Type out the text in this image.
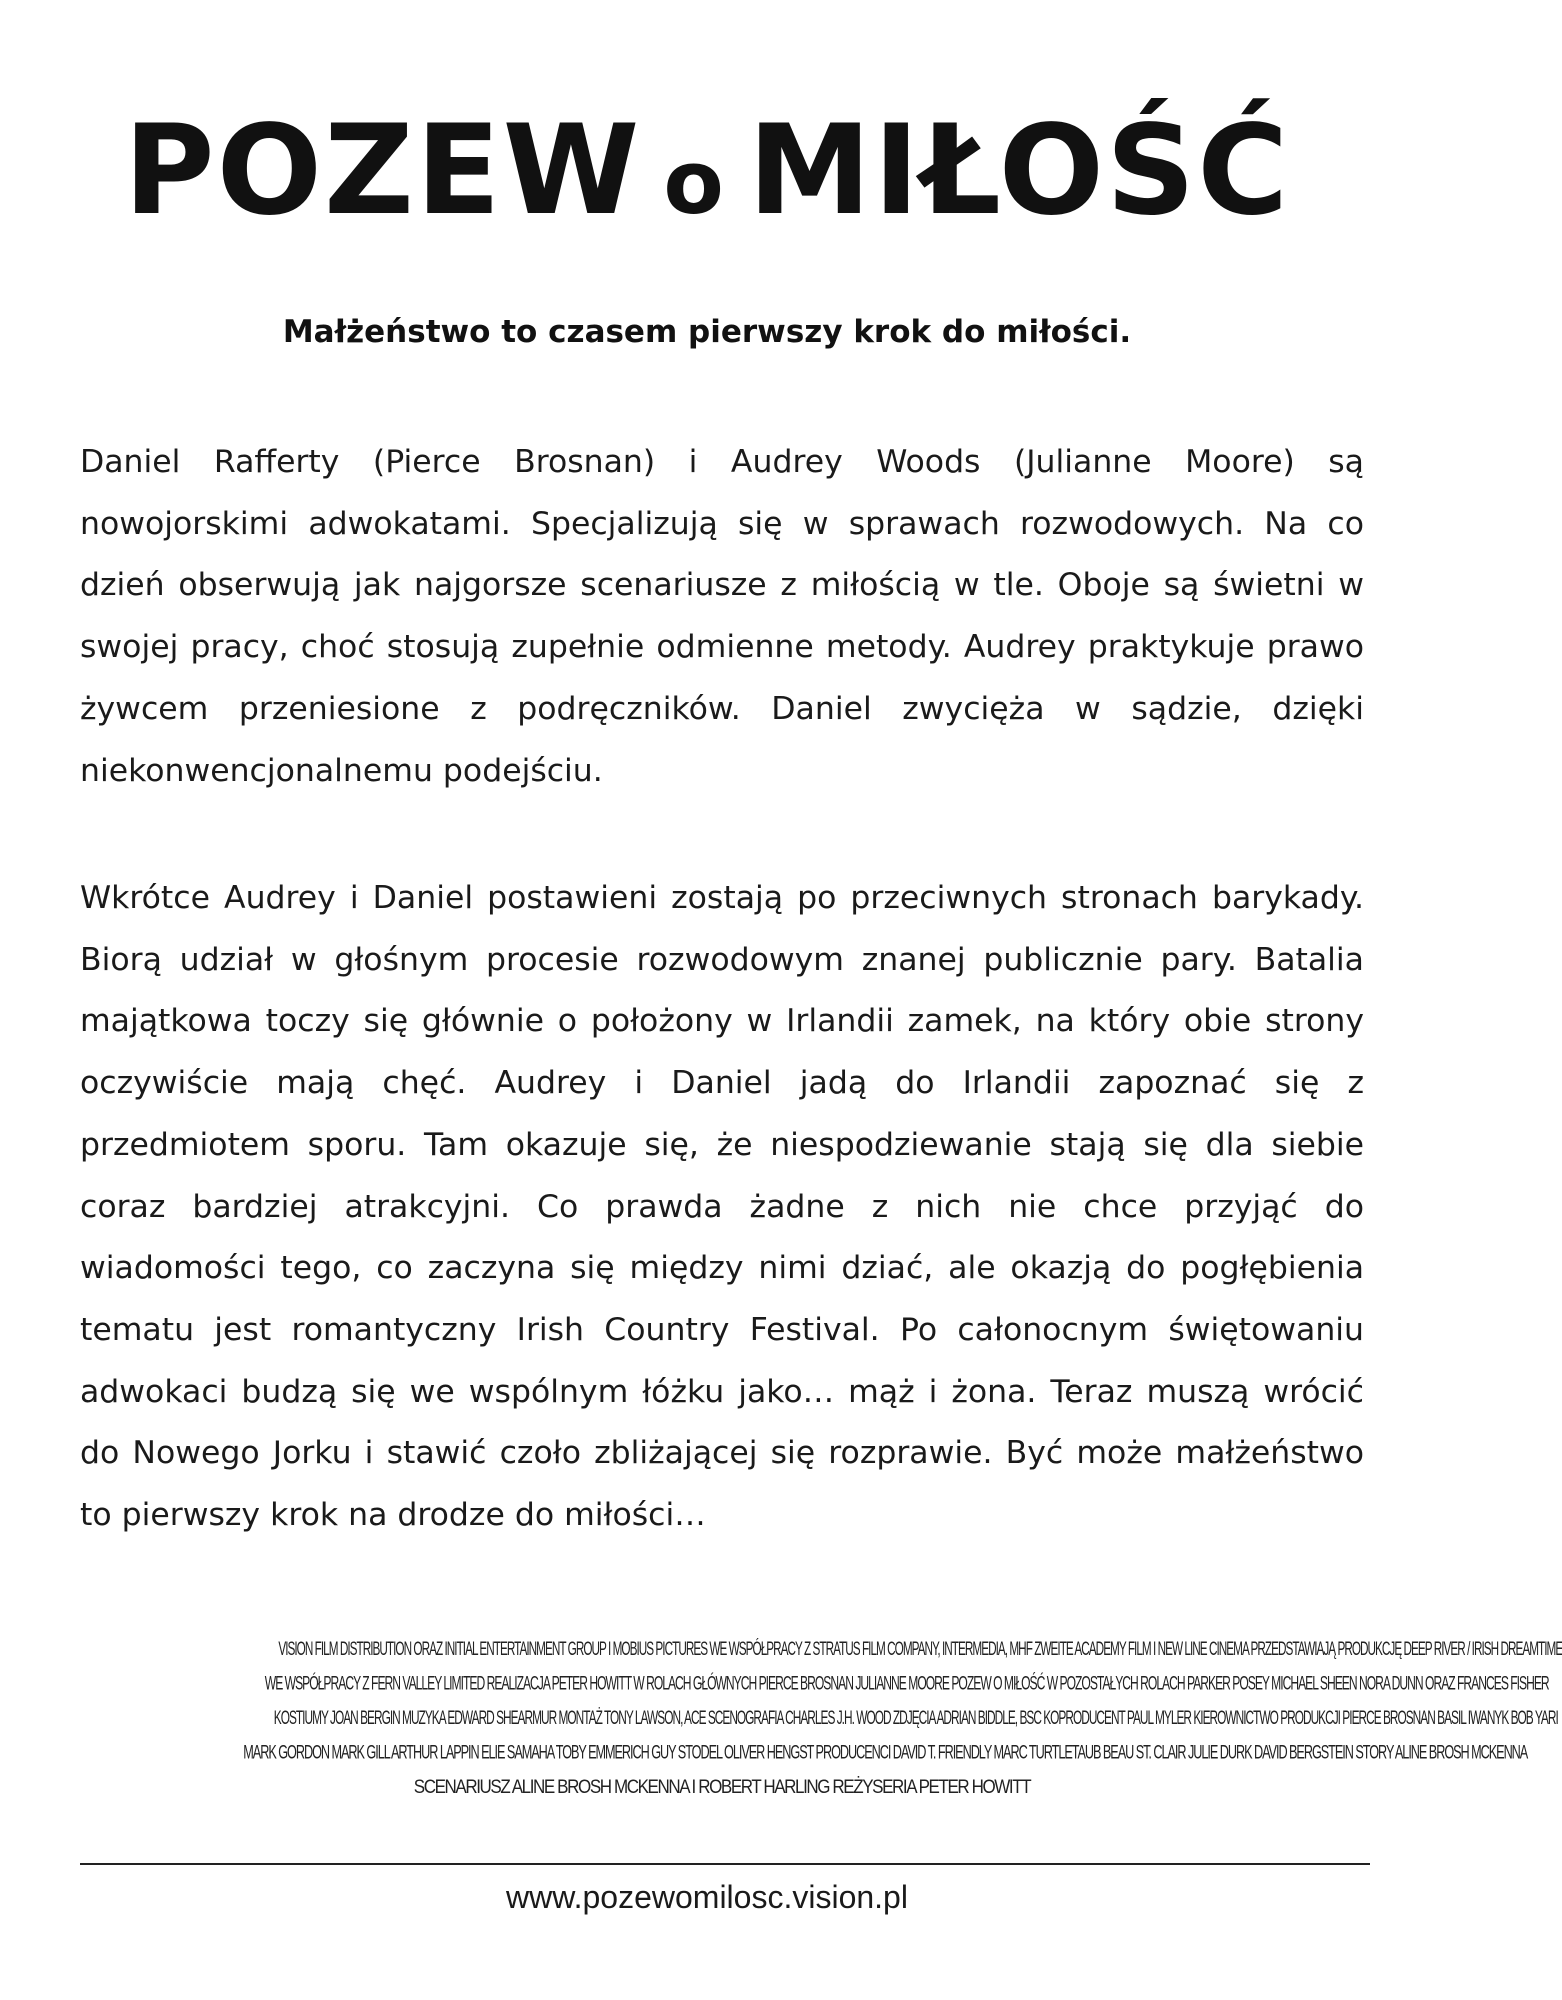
POZEW o MIŁOŚĆ

Małżeństwo to czasem pierwszy krok do miłości.

Daniel Rafferty (Pierce Brosnan) i Audrey Woods (Julianne Moore) są nowojorskimi adwokatami. Specjalizują się w sprawach rozwodowych. Na co dzień obserwują jak najgorsze scenariusze z miłością w tle. Oboje są świetni w swojej pracy, choć stosują zupełnie odmienne metody. Audrey praktykuje prawo żywcem przeniesione z podręczników. Daniel zwycięża w sądzie, dzięki niekonwencjonalnemu podejściu.

Wkrótce Audrey i Daniel postawieni zostają po przeciwnych stronach barykady. Biorą udział w głośnym procesie rozwodowym znanej publicznie pary. Batalia majątkowa toczy się głównie o położony w Irlandii zamek, na który obie strony oczywiście mają chęć. Audrey i Daniel jadą do Irlandii zapoznać się z przedmiotem sporu. Tam okazuje się, że niespodziewanie stają się dla siebie coraz bardziej atrakcyjni. Co prawda żadne z nich nie chce przyjąć do wiadomości tego, co zaczyna się między nimi dziać, ale okazją do pogłębienia tematu jest romantyczny Irish Country Festival. Po całonocnym świętowaniu adwokaci budzą się we wspólnym łóżku jako… mąż i żona. Teraz muszą wrócić do Nowego Jorku i stawić czoło zbliżającej się rozprawie. Być może małżeństwo to pierwszy krok na drodze do miłości…

VISION FILM DISTRIBUTION ORAZ INITIAL ENTERTAINMENT GROUP I MOBIUS PICTURES WE WSPÓŁPRACY Z STRATUS FILM COMPANY, INTERMEDIA, MHF ZWEITE ACADEMY FILM I NEW LINE CINEMA PRZEDSTAWIAJĄ PRODUKCJĘ DEEP RIVER / IRISH DREAMTIME
WE WSPÓŁPRACY Z FERN VALLEY LIMITED REALIZACJA PETER HOWITT W ROLACH GŁÓWNYCH PIERCE BROSNAN JULIANNE MOORE POZEW O MIŁOŚĆ W POZOSTAŁYCH ROLACH PARKER POSEY MICHAEL SHEEN NORA DUNN ORAZ FRANCES FISHER
KOSTIUMY JOAN BERGIN MUZYKA EDWARD SHEARMUR MONTAŻ TONY LAWSON, ACE SCENOGRAFIA CHARLES J.H. WOOD ZDJĘCIA ADRIAN BIDDLE, BSC KOPRODUCENT PAUL MYLER KIEROWNICTWO PRODUKCJI PIERCE BROSNAN BASIL IWANYK BOB YARI
MARK GORDON MARK GILL ARTHUR LAPPIN ELIE SAMAHA TOBY EMMERICH GUY STODEL OLIVER HENGST PRODUCENCI DAVID T. FRIENDLY MARC TURTLETAUB BEAU ST. CLAIR JULIE DURK DAVID BERGSTEIN STORY ALINE BROSH MCKENNA
SCENARIUSZ ALINE BROSH MCKENNA I ROBERT HARLING REŻYSERIA PETER HOWITT
www.pozewomilosc.vision.pl
